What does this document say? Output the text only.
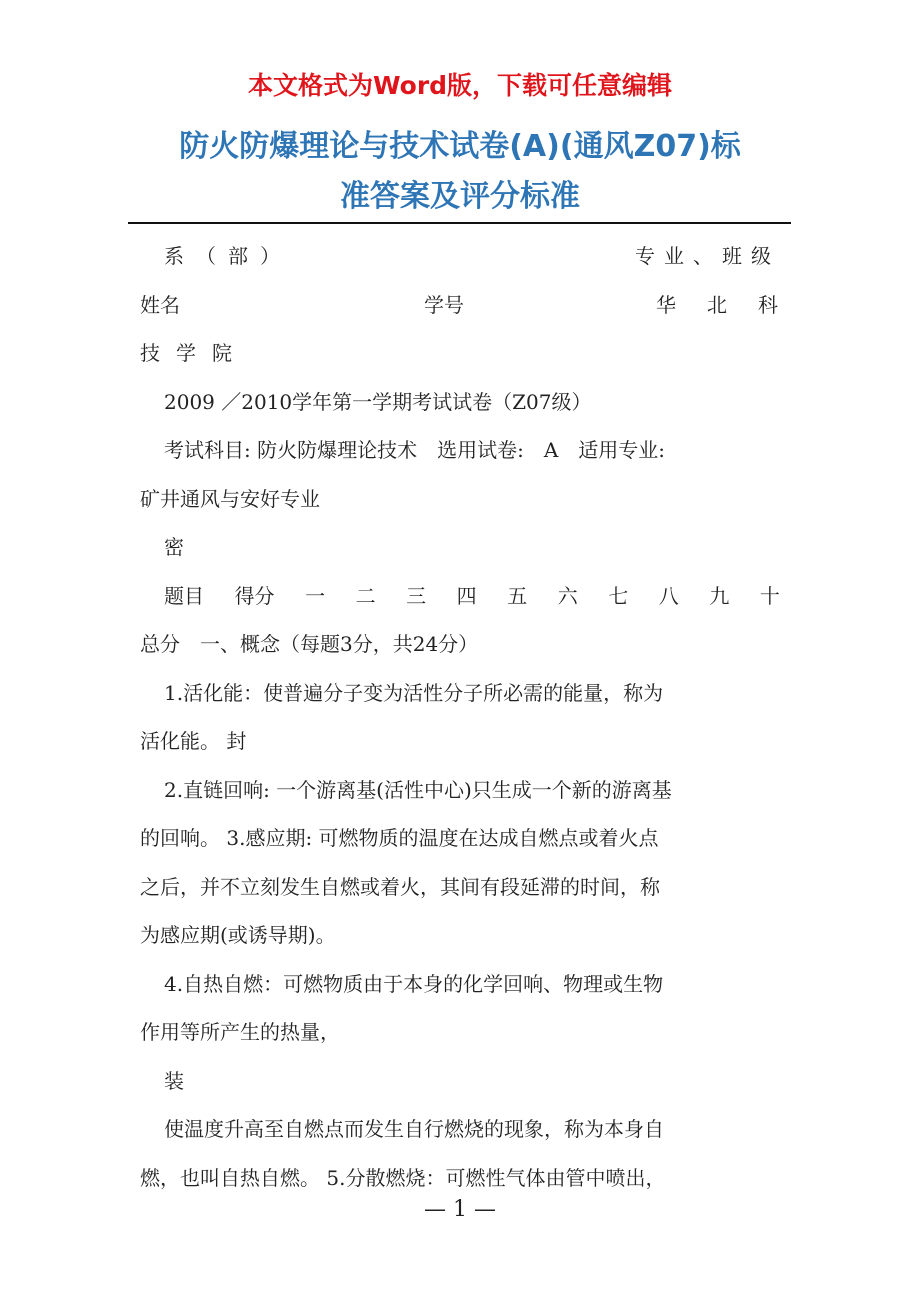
本文格式为Word版，下载可任意编辑
防火防爆理论与技术试卷(A)(通风Z07)标
准答案及评分标准
系（部）	专业、班级
姓名	学号	华北科
技学院
2009 ／2010学年第一学期考试试卷（Z07级）
考试科目: 防火防爆理论技术　选用试卷:　A　适用专业:
矿井通风与安好专业
密
题目 得分 一 二 三 四 五 六 七 八 九 十
总分　一、概念（每题3分，共24分）
1.活化能：使普遍分子变为活性分子所必需的能量，称为
活化能。 封
2.直链回响: 一个游离基(活性中心)只生成一个新的游离基
的回响。 3.感应期: 可燃物质的温度在达成自燃点或着火点
之后，并不立刻发生自燃或着火，其间有段延滞的时间，称
为感应期(或诱导期)。
4.自热自燃：可燃物质由于本身的化学回响、物理或生物
作用等所产生的热量，
装
使温度升高至自燃点而发生自行燃烧的现象，称为本身自
燃，也叫自热自燃。 5.分散燃烧：可燃性气体由管中喷出，
— 1 —
